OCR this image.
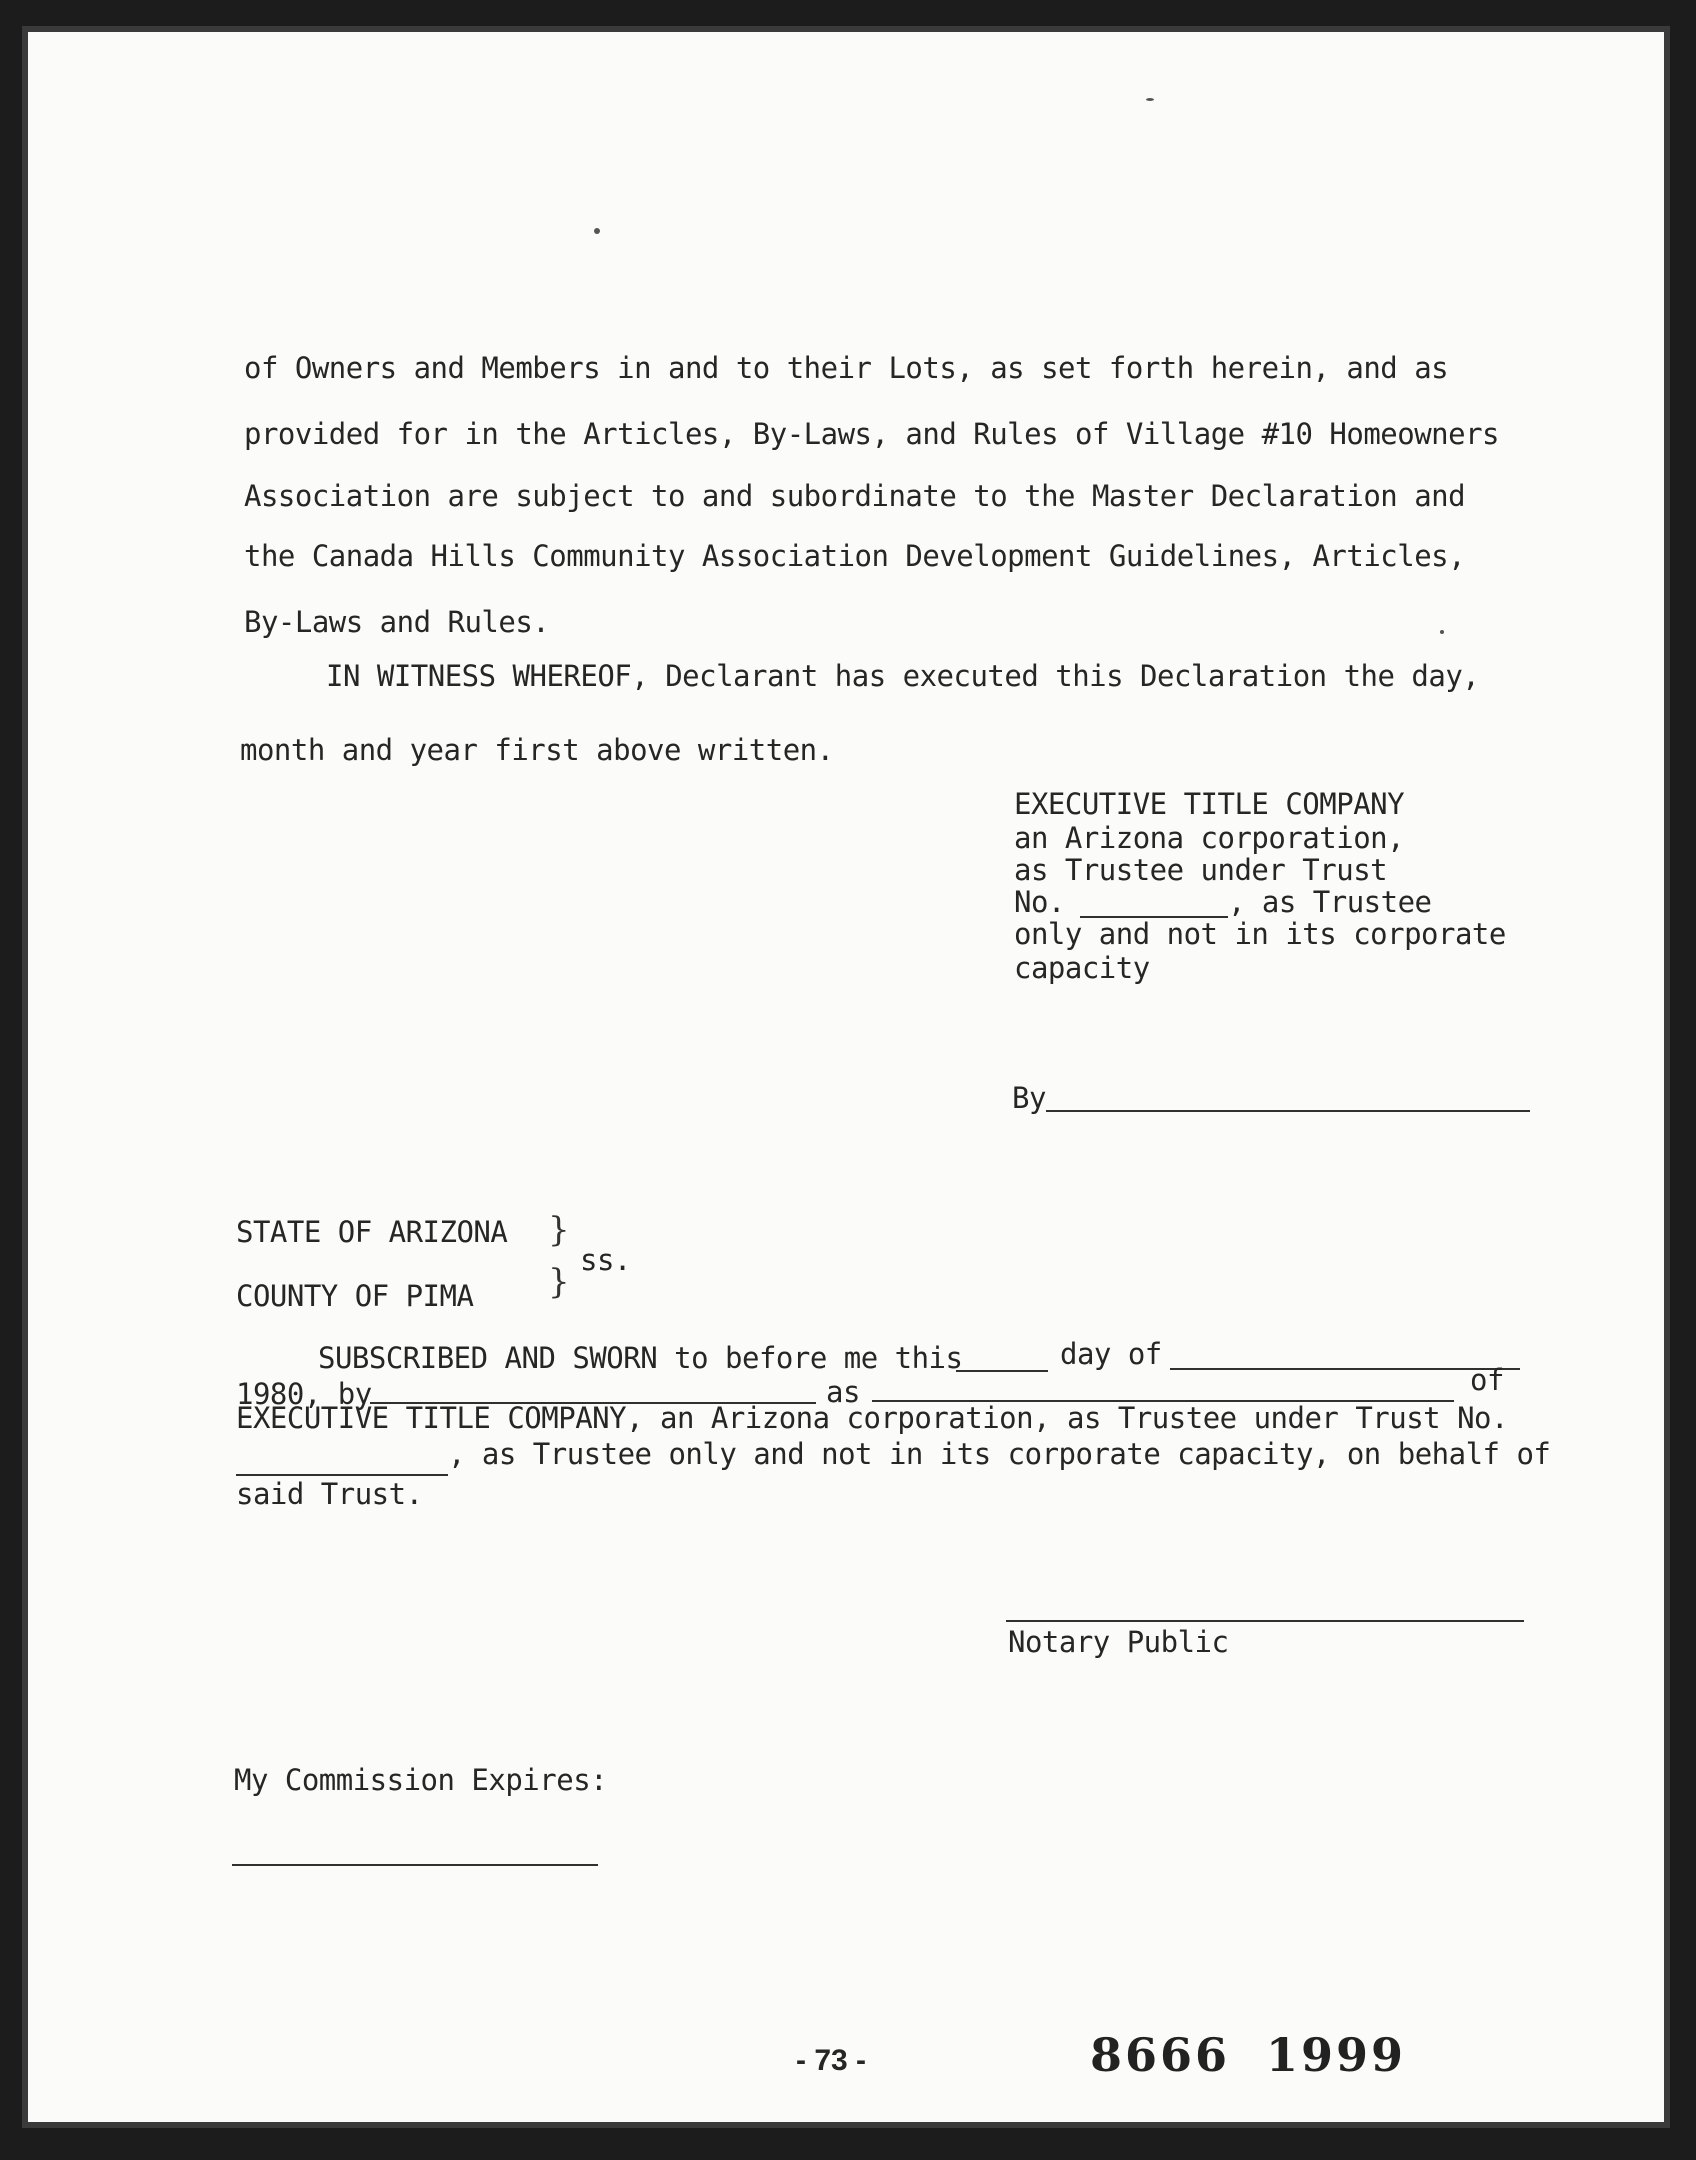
of Owners and Members in and to their Lots, as set forth herein, and as
provided for in the Articles, By-Laws, and Rules of Village #10 Homeowners
Association are subject to and subordinate to the Master Declaration and
the Canada Hills Community Association Development Guidelines, Articles,
By-Laws and Rules.
IN WITNESS WHEREOF, Declarant has executed this Declaration the day,
month and year first above written.
EXECUTIVE TITLE COMPANY
an Arizona corporation,
as Trustee under Trust
No.	, as Trustee
only and not in its corporate
capacity
By
STATE OF ARIZONA }
ss.
}
COUNTY OF PIMA
SUBSCRIBED AND SWORN to before me this	day of
1980, by	as	of
EXECUTIVE TITLE COMPANY, an Arizona corporation, as Trustee under Trust No.
, as Trustee only and not in its corporate capacity, on behalf of
said Trust.
Notary Public
My Commission Expires:
- 73 -	8666 1999
